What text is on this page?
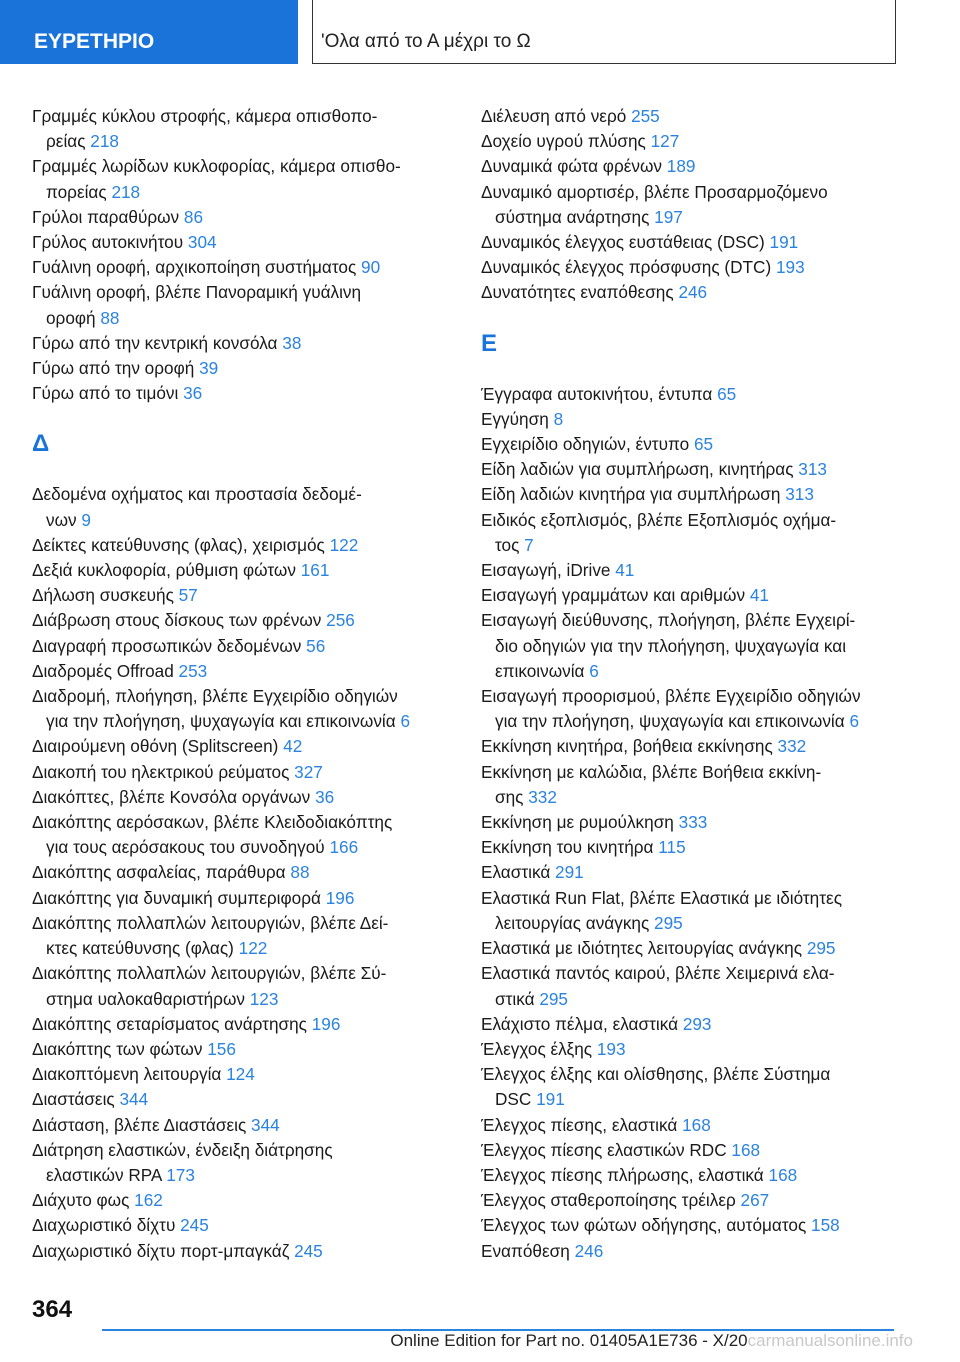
ΕΥΡΕΤΗΡΙΟ	'Ολα από το Α μέχρι το Ω
Γραμμές κύκλου στροφής, κάμερα οπισθοπο-
ρείας 218
Γραμμές λωρίδων κυκλοφορίας, κάμερα οπισθο-
πορείας 218
Γρύλοι παραθύρων 86
Γρύλος αυτοκινήτου 304
Γυάλινη οροφή, αρχικοποίηση συστήματος 90
Γυάλινη οροφή, βλέπε Πανοραμική γυάλινη
οροφή 88
Γύρω από την κεντρική κονσόλα 38
Γύρω από την οροφή 39
Γύρω από το τιμόνι 36
Δ
Δεδομένα οχήματος και προστασία δεδομέ-
νων 9
Δείκτες κατεύθυνσης (φλας), χειρισμός 122
Δεξιά κυκλοφορία, ρύθμιση φώτων 161
Δήλωση συσκευής 57
Διάβρωση στους δίσκους των φρένων 256
Διαγραφή προσωπικών δεδομένων 56
Διαδρομές Offroad 253
Διαδρομή, πλοήγηση, βλέπε Εγχειρίδιο οδηγιών
για την πλοήγηση, ψυχαγωγία και επικοινωνία 6
Διαιρούμενη οθόνη (Splitscreen) 42
Διακοπή του ηλεκτρικού ρεύματος 327
Διακόπτες, βλέπε Κονσόλα οργάνων 36
Διακόπτης αερόσακων, βλέπε Κλειδοδιακόπτης
για τους αερόσακους του συνοδηγού 166
Διακόπτης ασφαλείας, παράθυρα 88
Διακόπτης για δυναμική συμπεριφορά 196
Διακόπτης πολλαπλών λειτουργιών, βλέπε Δεί-
κτες κατεύθυνσης (φλας) 122
Διακόπτης πολλαπλών λειτουργιών, βλέπε Σύ-
στημα υαλοκαθαριστήρων 123
Διακόπτης σεταρίσματος ανάρτησης 196
Διακόπτης των φώτων 156
Διακοπτόμενη λειτουργία 124
Διαστάσεις 344
Διάσταση, βλέπε Διαστάσεις 344
Διάτρηση ελαστικών, ένδειξη διάτρησης
ελαστικών RPA 173
Διάχυτο φως 162
Διαχωριστικό δίχτυ 245
Διαχωριστικό δίχτυ πορτ-μπαγκάζ 245
Διέλευση από νερό 255
Δοχείο υγρού πλύσης 127
Δυναμικά φώτα φρένων 189
Δυναμικό αμορτισέρ, βλέπε Προσαρμοζόμενο
σύστημα ανάρτησης 197
Δυναμικός έλεγχος ευστάθειας (DSC) 191
Δυναμικός έλεγχος πρόσφυσης (DTC) 193
Δυνατότητες εναπόθεσης 246
Ε
Έγγραφα αυτοκινήτου, έντυπα 65
Εγγύηση 8
Εγχειρίδιο οδηγιών, έντυπο 65
Είδη λαδιών για συμπλήρωση, κινητήρας 313
Είδη λαδιών κινητήρα για συμπλήρωση 313
Ειδικός εξοπλισμός, βλέπε Εξοπλισμός οχήμα-
τος 7
Εισαγωγή, iDrive 41
Εισαγωγή γραμμάτων και αριθμών 41
Εισαγωγή διεύθυνσης, πλοήγηση, βλέπε Εγχειρί-
διο οδηγιών για την πλοήγηση, ψυχαγωγία και
επικοινωνία 6
Εισαγωγή προορισμού, βλέπε Εγχειρίδιο οδηγιών
για την πλοήγηση, ψυχαγωγία και επικοινωνία 6
Εκκίνηση κινητήρα, βοήθεια εκκίνησης 332
Εκκίνηση με καλώδια, βλέπε Βοήθεια εκκίνη-
σης 332
Εκκίνηση με ρυμούλκηση 333
Εκκίνηση του κινητήρα 115
Ελαστικά 291
Ελαστικά Run Flat, βλέπε Ελαστικά με ιδιότητες
λειτουργίας ανάγκης 295
Ελαστικά με ιδιότητες λειτουργίας ανάγκης 295
Ελαστικά παντός καιρού, βλέπε Χειμερινά ελα-
στικά 295
Ελάχιστο πέλμα, ελαστικά 293
Έλεγχος έλξης 193
Έλεγχος έλξης και ολίσθησης, βλέπε Σύστημα
DSC 191
Έλεγχος πίεσης, ελαστικά 168
Έλεγχος πίεσης ελαστικών RDC 168
Έλεγχος πίεσης πλήρωσης, ελαστικά 168
Έλεγχος σταθεροποίησης τρέιλερ 267
Έλεγχος των φώτων οδήγησης, αυτόματος 158
Εναπόθεση 246
364
Online Edition for Part no. 01405A1E736 - X/20carmanualsonline.info
